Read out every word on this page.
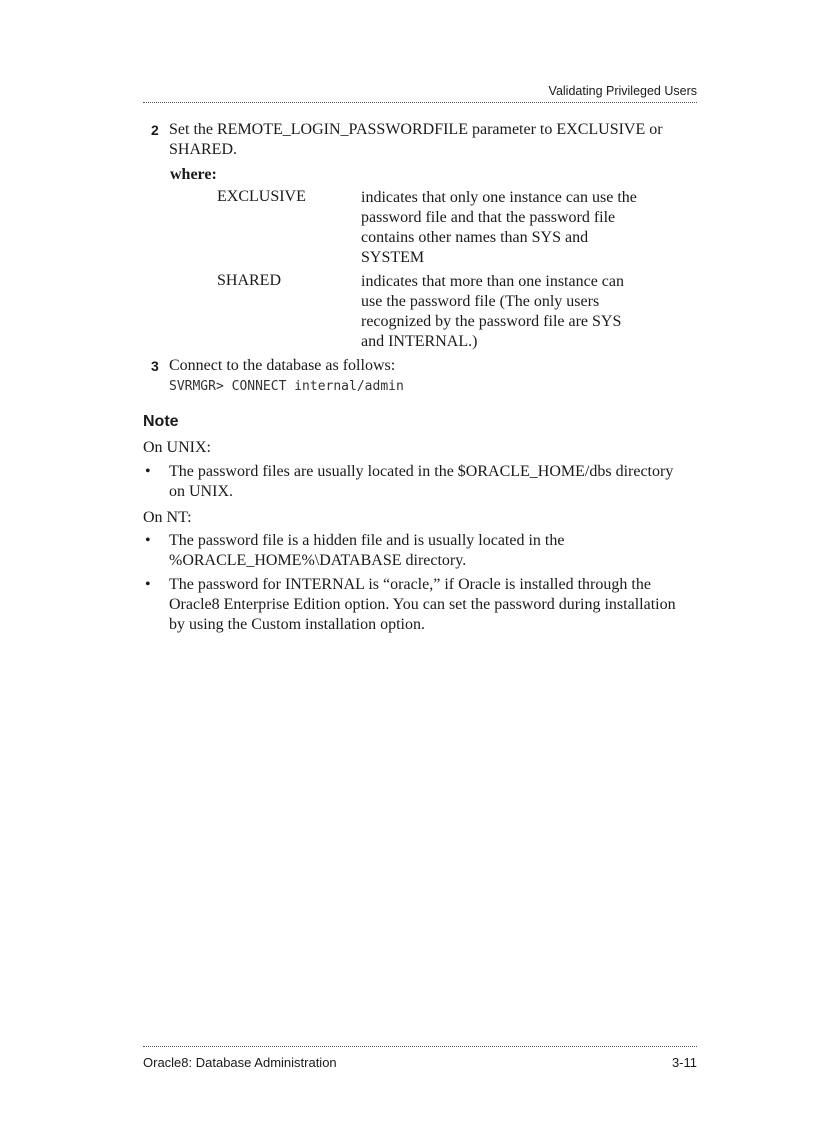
Validating Privileged Users
2 Set the REMOTE_LOGIN_PASSWORDFILE parameter to EXCLUSIVE or SHARED.
where:
EXCLUSIVE	indicates that only one instance can use the password file and that the password file contains other names than SYS and SYSTEM
SHARED	indicates that more than one instance can use the password file (The only users recognized by the password file are SYS and INTERNAL.)
3 Connect to the database as follows:
SVRMGR> CONNECT internal/admin
Note
On UNIX:
• The password files are usually located in the $ORACLE_HOME/dbs directory on UNIX.
On NT:
• The password file is a hidden file and is usually located in the %ORACLE_HOME%\DATABASE directory.
• The password for INTERNAL is “oracle,” if Oracle is installed through the Oracle8 Enterprise Edition option. You can set the password during installation by using the Custom installation option.
Oracle8: Database Administration	3-11
